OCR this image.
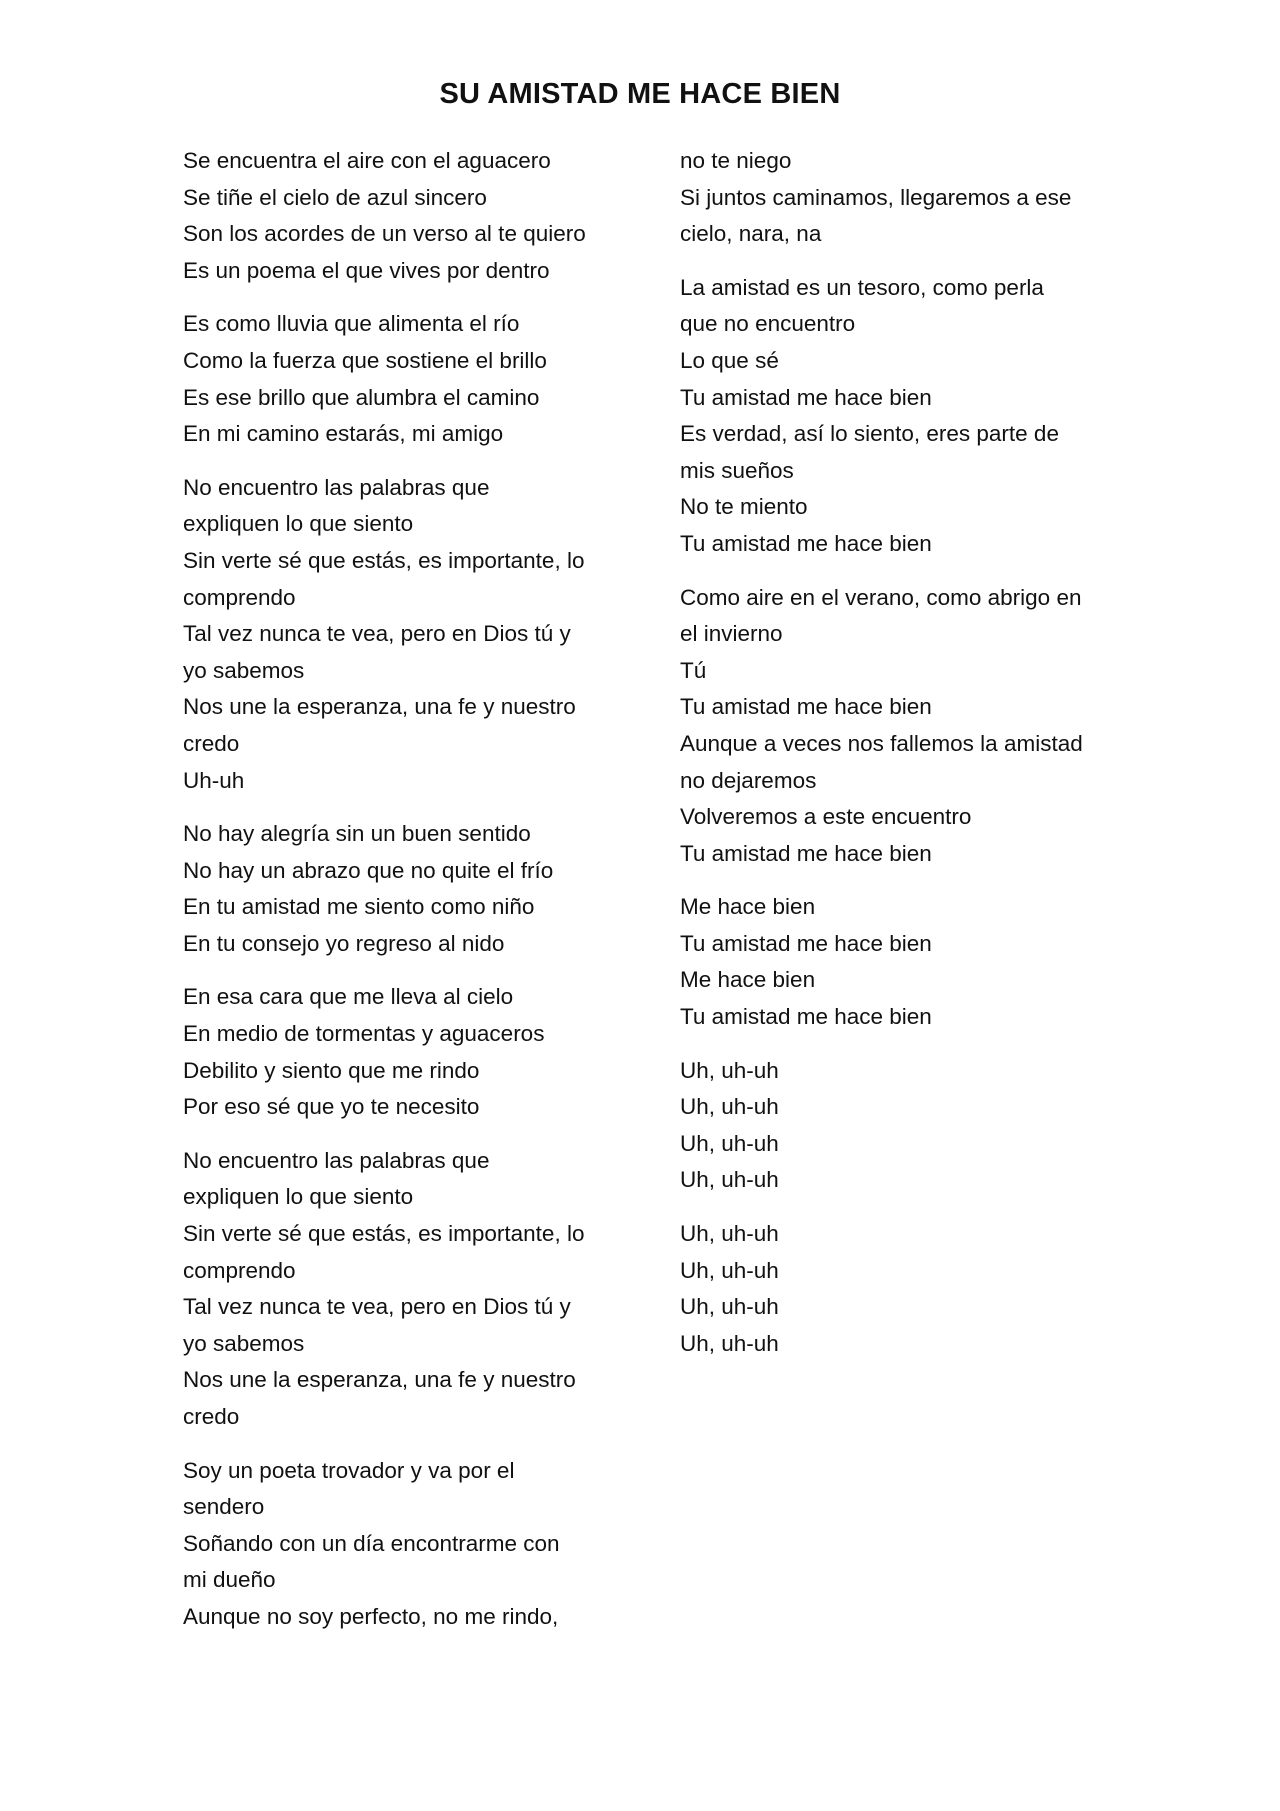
SU AMISTAD ME HACE BIEN
Se encuentra el aire con el aguacero
Se tiñe el cielo de azul sincero
Son los acordes de un verso al te quiero
Es un poema el que vives por dentro
Es como lluvia que alimenta el río
Como la fuerza que sostiene el brillo
Es ese brillo que alumbra el camino
En mi camino estarás, mi amigo
No encuentro las palabras que
expliquen lo que siento
Sin verte sé que estás, es importante, lo
comprendo
Tal vez nunca te vea, pero en Dios tú y
yo sabemos
Nos une la esperanza, una fe y nuestro
credo
Uh-uh
No hay alegría sin un buen sentido
No hay un abrazo que no quite el frío
En tu amistad me siento como niño
En tu consejo yo regreso al nido
En esa cara que me lleva al cielo
En medio de tormentas y aguaceros
Debilito y siento que me rindo
Por eso sé que yo te necesito
No encuentro las palabras que
expliquen lo que siento
Sin verte sé que estás, es importante, lo
comprendo
Tal vez nunca te vea, pero en Dios tú y
yo sabemos
Nos une la esperanza, una fe y nuestro
credo
Soy un poeta trovador y va por el
sendero
Soñando con un día encontrarme con
mi dueño
Aunque no soy perfecto, no me rindo,
no te niego
Si juntos caminamos, llegaremos a ese
cielo, nara, na
La amistad es un tesoro, como perla
que no encuentro
Lo que sé
Tu amistad me hace bien
Es verdad, así lo siento, eres parte de
mis sueños
No te miento
Tu amistad me hace bien
Como aire en el verano, como abrigo en
el invierno
Tú
Tu amistad me hace bien
Aunque a veces nos fallemos la amistad
no dejaremos
Volveremos a este encuentro
Tu amistad me hace bien
Me hace bien
Tu amistad me hace bien
Me hace bien
Tu amistad me hace bien
Uh, uh-uh
Uh, uh-uh
Uh, uh-uh
Uh, uh-uh
Uh, uh-uh
Uh, uh-uh
Uh, uh-uh
Uh, uh-uh
